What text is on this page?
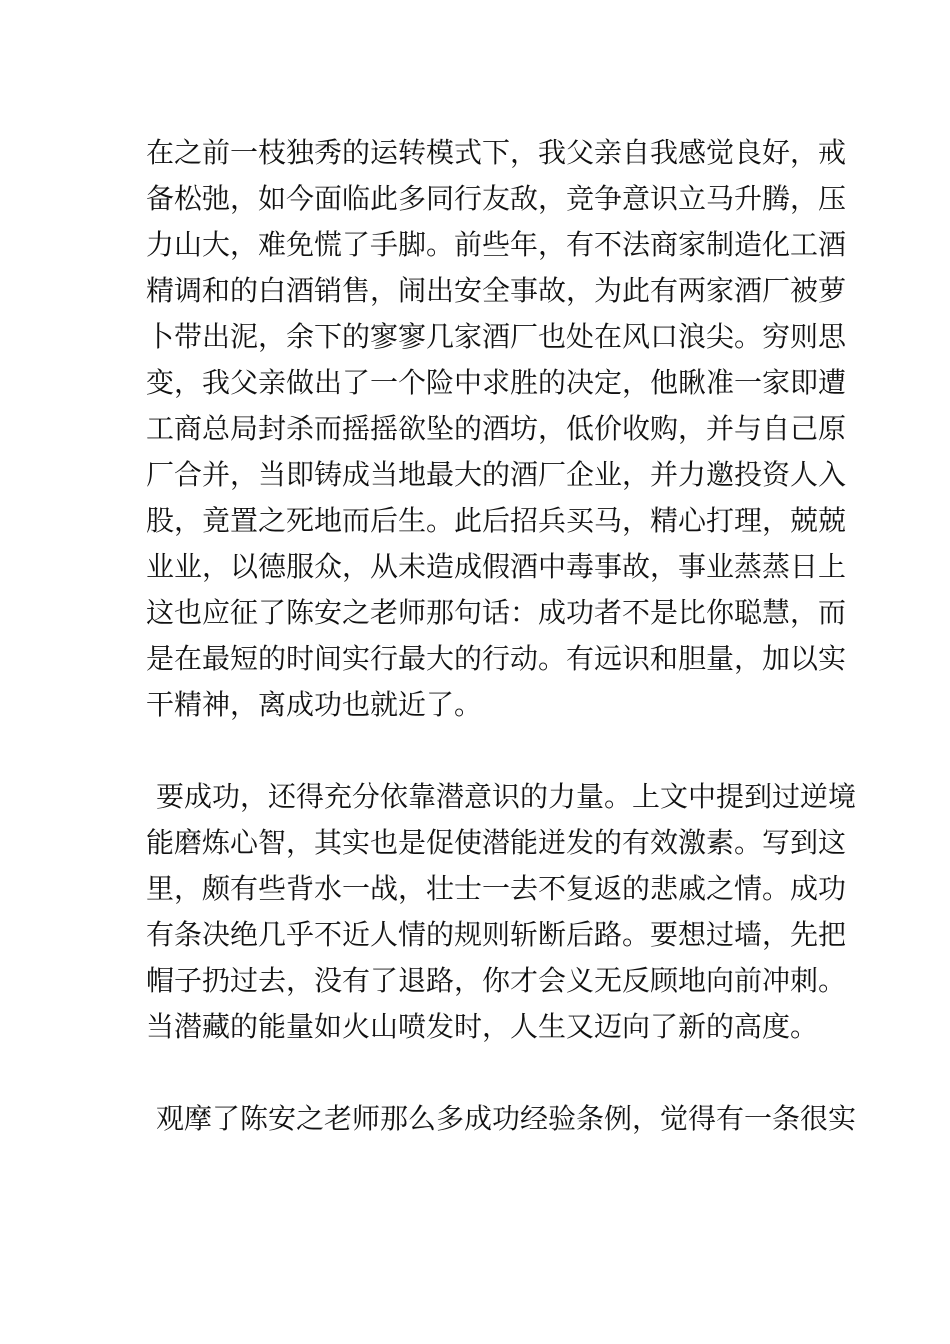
在之前一枝独秀的运转模式下，我父亲自我感觉良好，戒
备松弛，如今面临此多同行友敌，竞争意识立马升腾，压
力山大，难免慌了手脚。前些年，有不法商家制造化工酒
精调和的白酒销售，闹出安全事故，为此有两家酒厂被萝
卜带出泥，余下的寥寥几家酒厂也处在风口浪尖。穷则思
变，我父亲做出了一个险中求胜的决定，他瞅准一家即遭
工商总局封杀而摇摇欲坠的酒坊，低价收购，并与自己原
厂合并，当即铸成当地最大的酒厂企业，并力邀投资人入
股，竟置之死地而后生。此后招兵买马，精心打理，兢兢
业业，以德服众，从未造成假酒中毒事故，事业蒸蒸日上
这也应征了陈安之老师那句话：成功者不是比你聪慧，而
是在最短的时间实行最大的行动。有远识和胆量，加以实
干精神，离成功也就近了。
要成功，还得充分依靠潜意识的力量。上文中提到过逆境
能磨炼心智，其实也是促使潜能迸发的有效激素。写到这
里，颇有些背水一战，壮士一去不复返的悲戚之情。成功
有条决绝几乎不近人情的规则斩断后路。要想过墙，先把
帽子扔过去，没有了退路，你才会义无反顾地向前冲刺。
当潜藏的能量如火山喷发时，人生又迈向了新的高度。
观摩了陈安之老师那么多成功经验条例，觉得有一条很实
